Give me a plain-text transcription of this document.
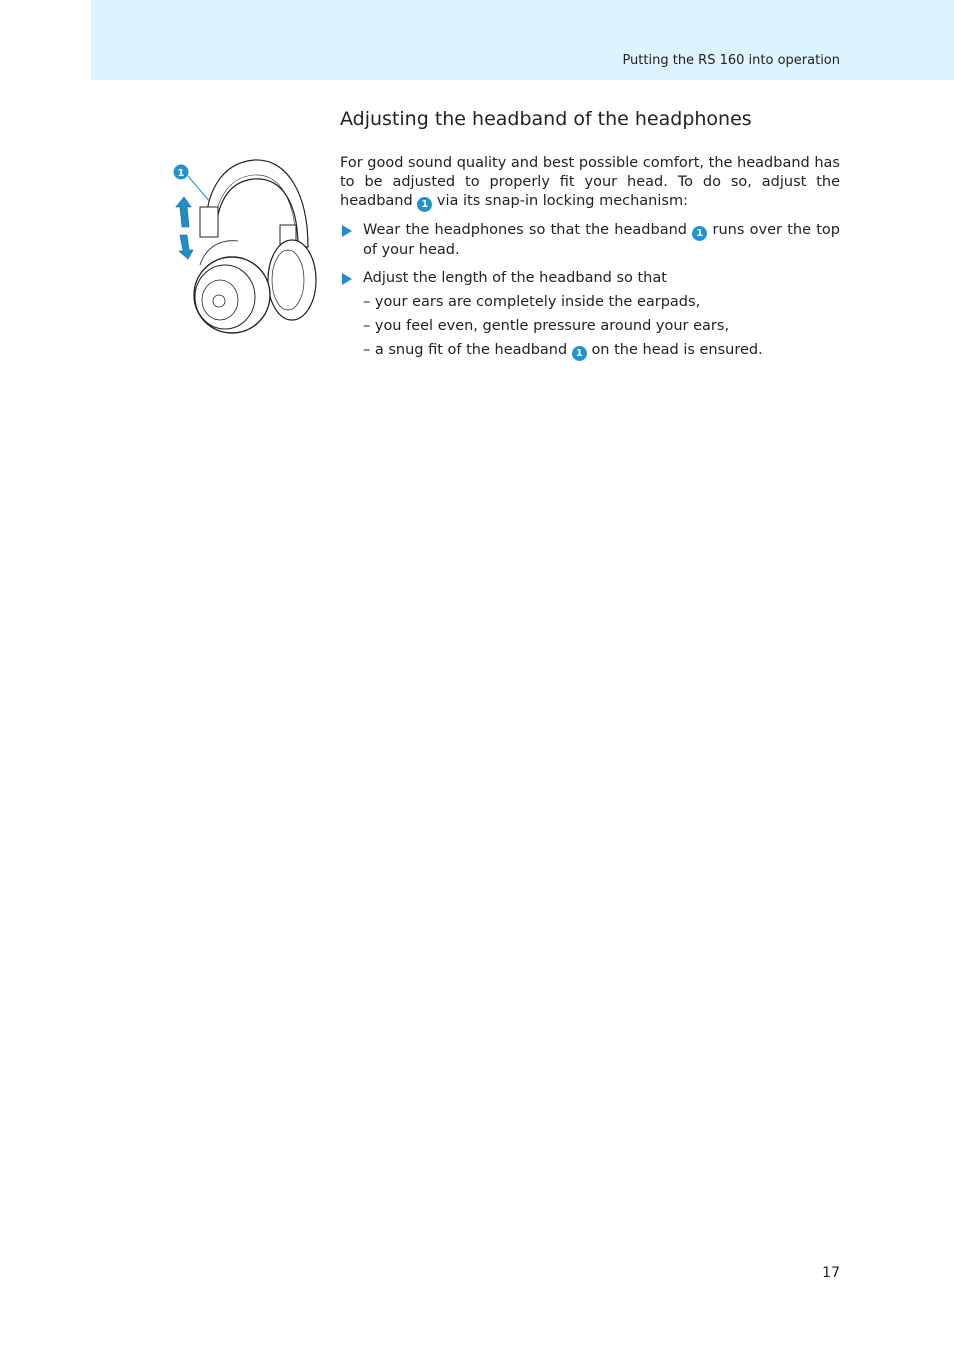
Putting the RS 160 into operation
Adjusting the headband of the headphones
1

For good sound quality and best possible comfort, the headband has to be adjusted to properly fit your head. To do so, adjust the headband 1 via its snap-in locking mechanism:

Wear the headphones so that the headband 1 runs over the top of your head.
Adjust the length of the headband so that
– your ears are completely inside the earpads,
– you feel even, gentle pressure around your ears,
– a snug fit of the headband 1 on the head is ensured.
17
